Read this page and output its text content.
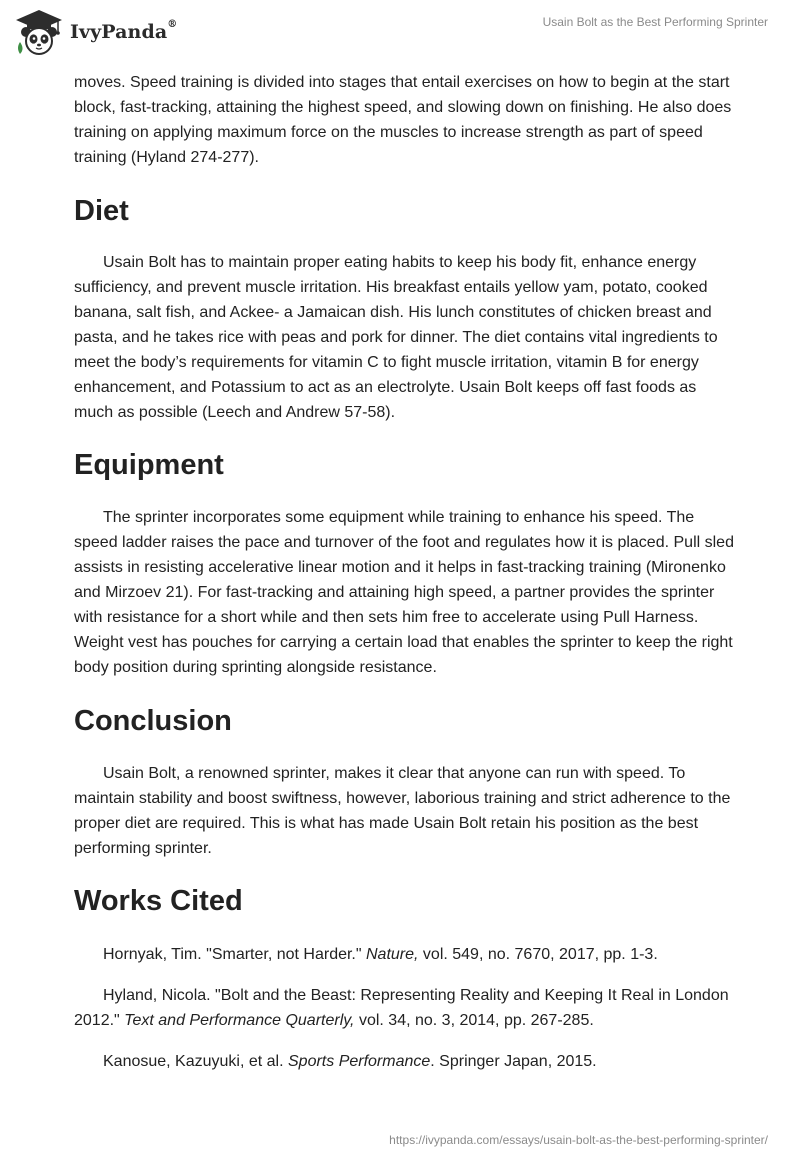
IvyPanda®	Usain Bolt as the Best Performing Sprinter

moves. Speed training is divided into stages that entail exercises on how to begin at the start block, fast-tracking, attaining the highest speed, and slowing down on finishing. He also does training on applying maximum force on the muscles to increase strength as part of speed training (Hyland 274-277).

Diet

Usain Bolt has to maintain proper eating habits to keep his body fit, enhance energy sufficiency, and prevent muscle irritation. His breakfast entails yellow yam, potato, cooked banana, salt fish, and Ackee- a Jamaican dish. His lunch constitutes of chicken breast and pasta, and he takes rice with peas and pork for dinner. The diet contains vital ingredients to meet the body’s requirements for vitamin C to fight muscle irritation, vitamin B for energy enhancement, and Potassium to act as an electrolyte. Usain Bolt keeps off fast foods as much as possible (Leech and Andrew 57-58).

Equipment

The sprinter incorporates some equipment while training to enhance his speed. The speed ladder raises the pace and turnover of the foot and regulates how it is placed. Pull sled assists in resisting accelerative linear motion and it helps in fast-tracking training (Mironenko and Mirzoev 21). For fast-tracking and attaining high speed, a partner provides the sprinter with resistance for a short while and then sets him free to accelerate using Pull Harness. Weight vest has pouches for carrying a certain load that enables the sprinter to keep the right body position during sprinting alongside resistance.

Conclusion

Usain Bolt, a renowned sprinter, makes it clear that anyone can run with speed. To maintain stability and boost swiftness, however, laborious training and strict adherence to the proper diet are required. This is what has made Usain Bolt retain his position as the best performing sprinter.

Works Cited

Hornyak, Tim. "Smarter, not Harder." Nature, vol. 549, no. 7670, 2017, pp. 1-3.

Hyland, Nicola. "Bolt and the Beast: Representing Reality and Keeping It Real in London 2012." Text and Performance Quarterly, vol. 34, no. 3, 2014, pp. 267-285.

Kanosue, Kazuyuki, et al. Sports Performance. Springer Japan, 2015.

https://ivypanda.com/essays/usain-bolt-as-the-best-performing-sprinter/
